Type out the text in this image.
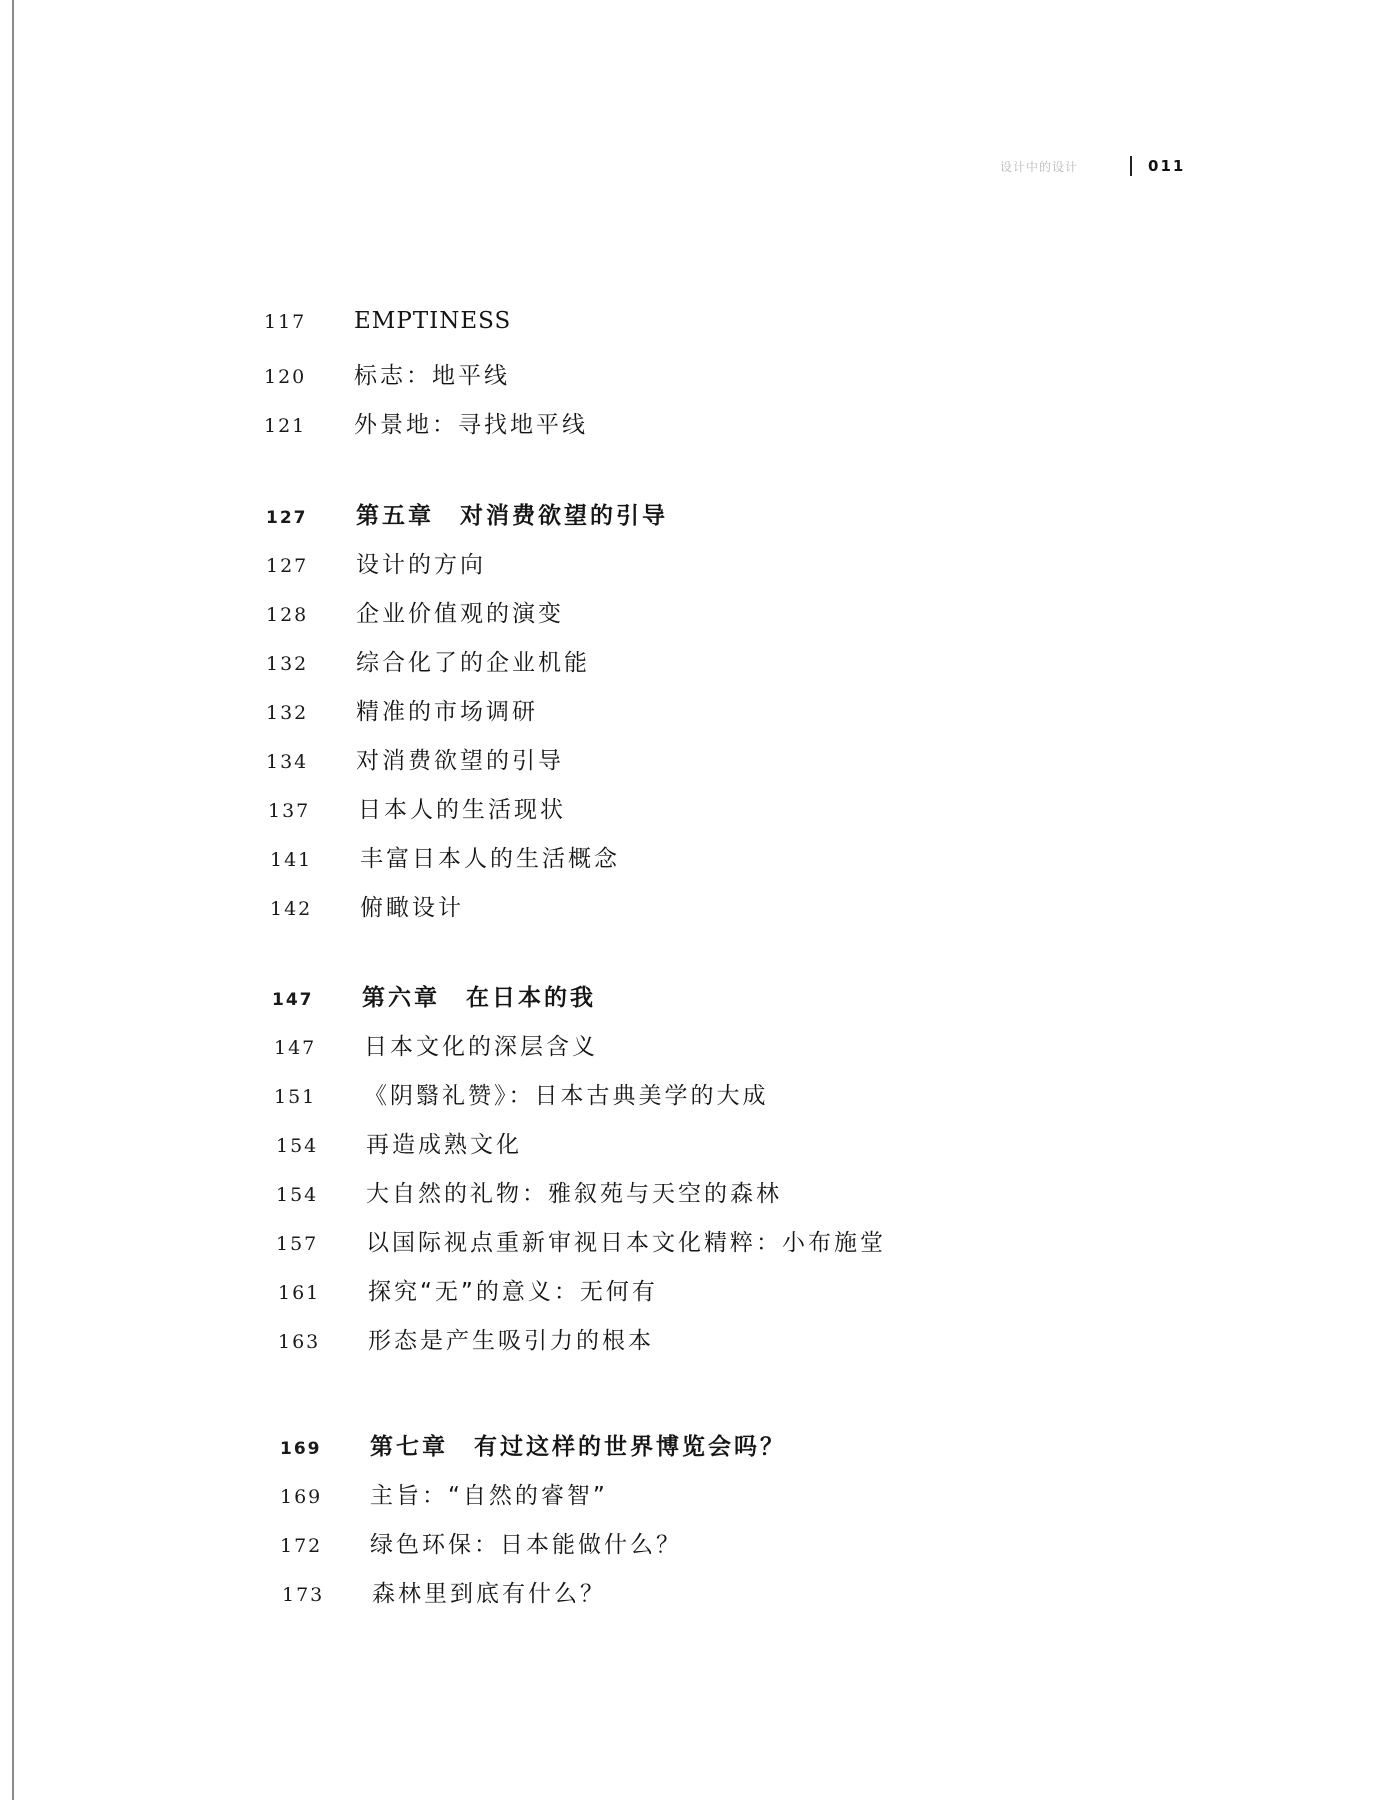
设计中的设计	011
117	EMPTINESS
120	标志：地平线
121	外景地：寻找地平线
127	第五章　对消费欲望的引导
127	设计的方向
128	企业价值观的演变
132	综合化了的企业机能
132	精准的市场调研
134	对消费欲望的引导
137	日本人的生活现状
141	丰富日本人的生活概念
142	俯瞰设计
147	第六章　在日本的我
147	日本文化的深层含义
151	《阴翳礼赞》：日本古典美学的大成
154	再造成熟文化
154	大自然的礼物：雅叙苑与天空的森林
157	以国际视点重新审视日本文化精粹：小布施堂
161	探究“无”的意义：无何有
163	形态是产生吸引力的根本
169	第七章　有过这样的世界博览会吗？
169	主旨：“自然的睿智”
172	绿色环保：日本能做什么？
173	森林里到底有什么？
